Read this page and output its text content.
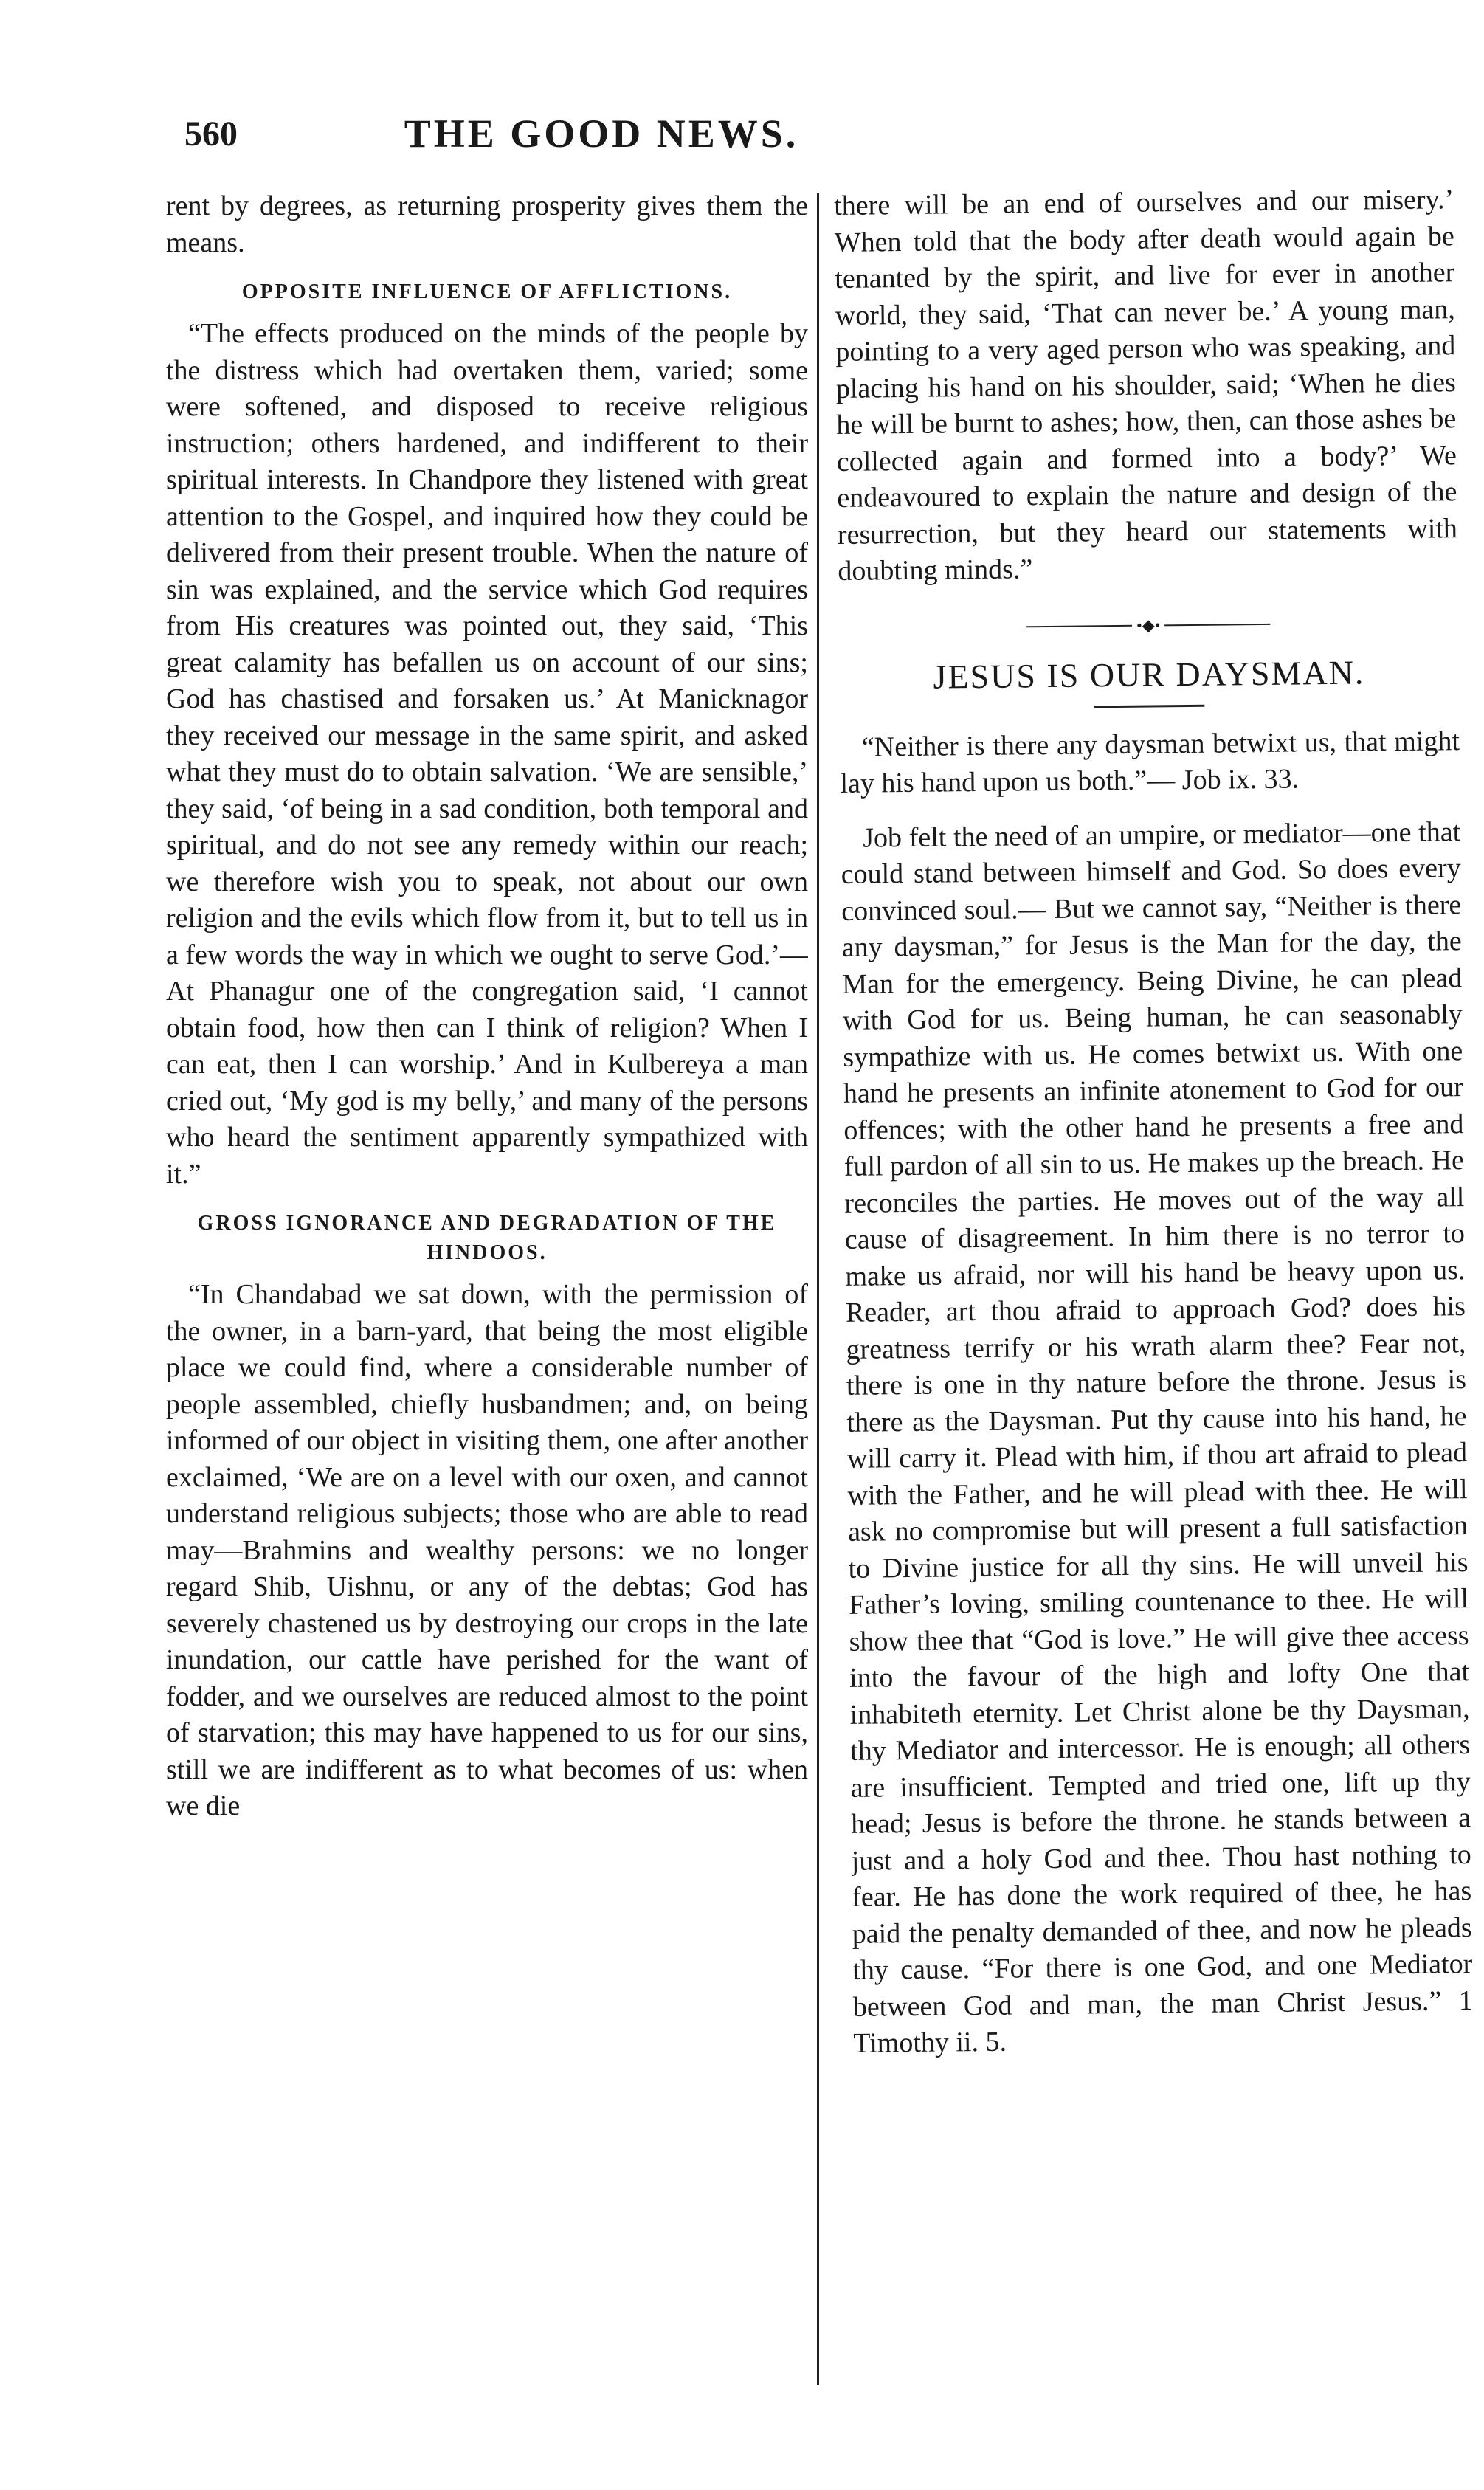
560	THE GOOD NEWS.

rent by degrees, as returning prosperity gives them the means.

OPPOSITE INFLUENCE OF AFFLICTIONS.

“The effects produced on the minds of the people by the distress which had overtaken them, varied; some were softened, and disposed to receive religious instruction; others hardened, and indifferent to their spiritual interests. In Chandpore they listened with great attention to the Gospel, and inquired how they could be delivered from their present trouble. When the nature of sin was explained, and the service which God requires from His creatures was pointed out, they said, ‘This great calamity has befallen us on account of our sins; God has chastised and forsaken us.’ At Manicknagor they received our message in the same spirit, and asked what they must do to obtain salvation. ‘We are sensible,’ they said, ‘of being in a sad condition, both temporal and spiritual, and do not see any remedy within our reach; we therefore wish you to speak, not about our own religion and the evils which flow from it, but to tell us in a few words the way in which we ought to serve God.’— At Phanagur one of the congregation said, ‘I cannot obtain food, how then can I think of religion? When I can eat, then I can worship.’ And in Kulbereya a man cried out, ‘My god is my belly,’ and many of the persons who heard the sentiment apparently sympathized with it.”

GROSS IGNORANCE AND DEGRADATION OF THE HINDOOS.

“In Chandabad we sat down, with the permission of the owner, in a barn-yard, that being the most eligible place we could find, where a considerable number of people assembled, chiefly husbandmen; and, on being informed of our object in visiting them, one after another exclaimed, ‘We are on a level with our oxen, and cannot understand religious subjects; those who are able to read may—Brahmins and wealthy persons: we no longer regard Shib, Uishnu, or any of the debtas; God has severely chastened us by destroying our crops in the late inundation, our cattle have perished for the want of fodder, and we ourselves are reduced almost to the point of starvation; this may have happened to us for our sins, still we are indifferent as to what becomes of us: when we die

there will be an end of ourselves and our misery.’ When told that the body after death would again be tenanted by the spirit, and live for ever in another world, they said, ‘That can never be.’ A young man, pointing to a very aged person who was speaking, and placing his hand on his shoulder, said; ‘When he dies he will be burnt to ashes; how, then, can those ashes be collected again and formed into a body?’ We endeavoured to explain the nature and design of the resurrection, but they heard our statements with doubting minds.”

•◆•
JESUS IS OUR DAYSMAN.

“Neither is there any daysman betwixt us, that might lay his hand upon us both.”— Job ix. 33.

Job felt the need of an umpire, or mediator—one that could stand between himself and God. So does every convinced soul.— But we cannot say, “Neither is there any daysman,” for Jesus is the Man for the day, the Man for the emergency. Being Divine, he can plead with God for us. Being human, he can seasonably sympathize with us. He comes betwixt us. With one hand he presents an infinite atonement to God for our offences; with the other hand he presents a free and full pardon of all sin to us. He makes up the breach. He reconciles the parties. He moves out of the way all cause of disagreement. In him there is no terror to make us afraid, nor will his hand be heavy upon us. Reader, art thou afraid to approach God? does his greatness terrify or his wrath alarm thee? Fear not, there is one in thy nature before the throne. Jesus is there as the Daysman. Put thy cause into his hand, he will carry it. Plead with him, if thou art afraid to plead with the Father, and he will plead with thee. He will ask no compromise but will present a full satisfaction to Divine justice for all thy sins. He will unveil his Father’s loving, smiling countenance to thee. He will show thee that “God is love.” He will give thee access into the favour of the high and lofty One that inhabiteth eternity. Let Christ alone be thy Daysman, thy Mediator and intercessor. He is enough; all others are insufficient. Tempted and tried one, lift up thy head; Jesus is before the throne. he stands between a just and a holy God and thee. Thou hast nothing to fear. He has done the work required of thee, he has paid the penalty demanded of thee, and now he pleads thy cause. “For there is one God, and one Mediator between God and man, the man Christ Jesus.” 1 Timothy ii. 5.
